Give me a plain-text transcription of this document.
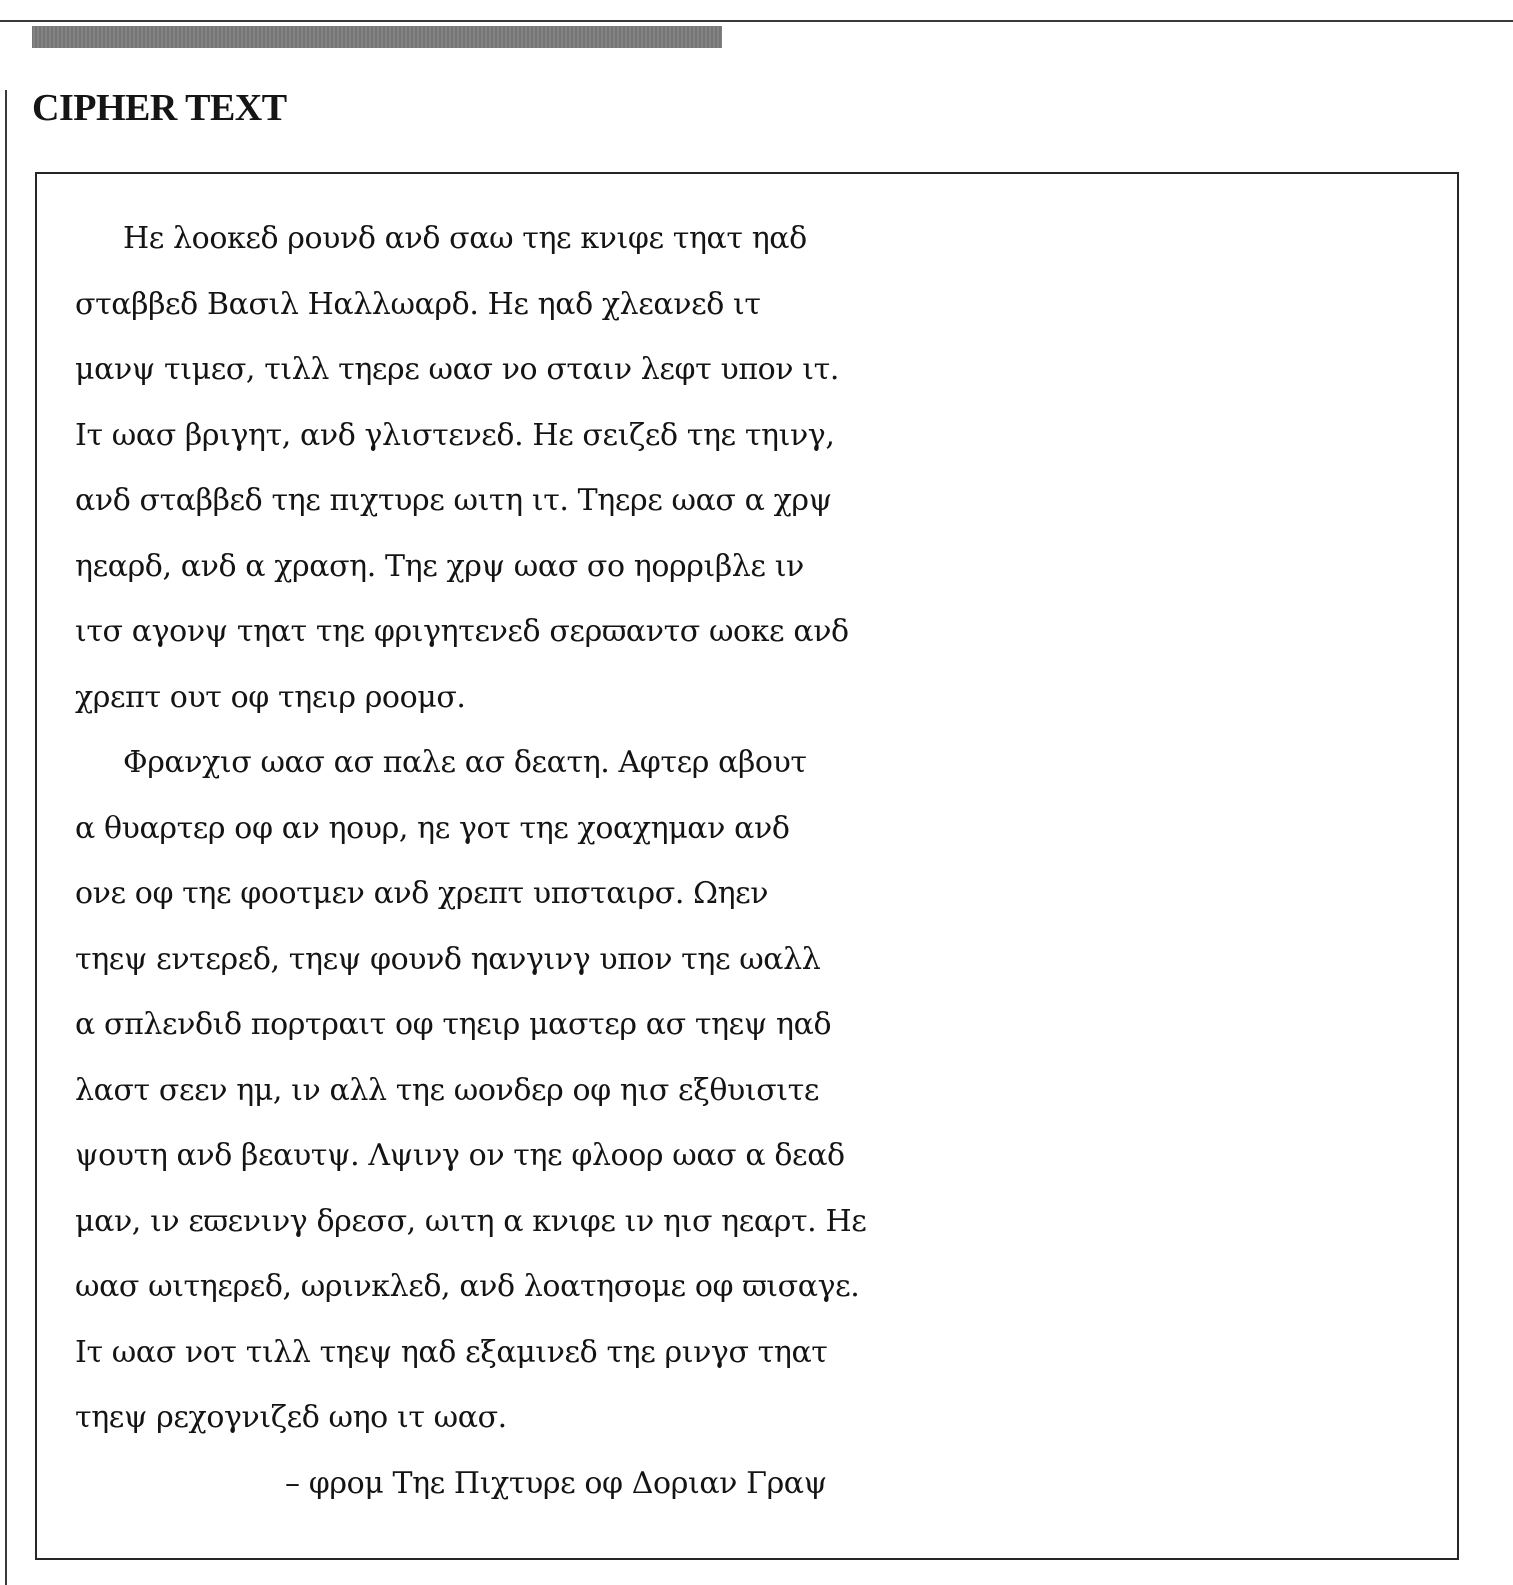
CIPHER TEXT
Ηε λοοκεδ ρουνδ ανδ σαω τηε κνιφε τηατ ηαδ
σταββεδ Βασιλ Ηαλλωαρδ. Ηε ηαδ χλεανεδ ιτ
μανψ τιμεσ, τιλλ τηερε ωασ νο σταιν λεφτ υπον ιτ.
Ιτ ωασ βριγητ, ανδ γλιστενεδ. Ηε σειζεδ τηε τηινγ,
ανδ σταββεδ τηε πιχτυρε ωιτη ιτ. Τηερε ωασ α χρψ
ηεαρδ, ανδ α χραση. Τηε χρψ ωασ σο ηορριβλε ιν
ιτσ αγονψ τηατ τηε φριγητενεδ σερϖαντσ ωοκε ανδ
χρεπτ ουτ οφ τηειρ ροομσ.
Φρανχισ ωασ ασ παλε ασ δεατη. Αφτερ αβουτ
α θυαρτερ οφ αν ηουρ, ηε γοτ τηε χοαχημαν ανδ
ονε οφ τηε φοοτμεν ανδ χρεπτ υπσταιρσ. Ωηεν
τηεψ εντερεδ, τηεψ φουνδ ηανγινγ υπον τηε ωαλλ
α σπλενδιδ πορτραιτ οφ τηειρ μαστερ ασ τηεψ ηαδ
λαστ σεεν ημ, ιν αλλ τηε ωονδερ οφ ηισ εξθυισιτε
ψουτη ανδ βεαυτψ. Λψινγ ον τηε φλοορ ωασ α δεαδ
μαν, ιν εϖενινγ δρεσσ, ωιτη α κνιφε ιν ηισ ηεαρτ. Ηε
ωασ ωιτηερεδ, ωρινκλεδ, ανδ λοατησομε οφ ϖισαγε.
Ιτ ωασ νοτ τιλλ τηεψ ηαδ εξαμινεδ τηε ρινγσ τηατ
τηεψ ρεχογνιζεδ ωηο ιτ ωασ.
– φρομ Τηε Πιχτυρε οφ Δοριαν Γραψ
